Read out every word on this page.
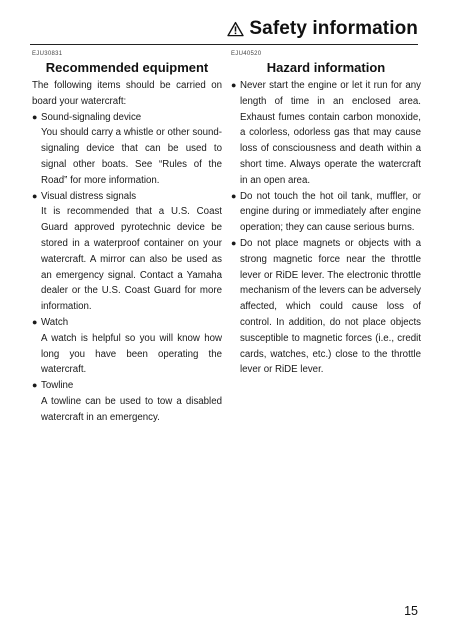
Safety information
EJU30831
Recommended equipment

The following items should be carried on board your watercraft:

● Sound-signaling device
You should carry a whistle or other sound-signaling device that can be used to signal other boats. See “Rules of the Road” for more information.
● Visual distress signals
It is recommended that a U.S. Coast Guard approved pyrotechnic device be stored in a waterproof container on your watercraft. A mirror can also be used as an emergency signal. Contact a Yamaha dealer or the U.S. Coast Guard for more information.
● Watch
A watch is helpful so you will know how long you have been operating the watercraft.
● Towline
A towline can be used to tow a disabled watercraft in an emergency.
EJU40520
Hazard information
● Never start the engine or let it run for any length of time in an enclosed area. Exhaust fumes contain carbon monoxide, a colorless, odorless gas that may cause loss of consciousness and death within a short time. Always operate the watercraft in an open area.
● Do not touch the hot oil tank, muffler, or engine during or immediately after engine operation; they can cause serious burns.
● Do not place magnets or objects with a strong magnetic force near the throttle lever or RiDE lever. The electronic throttle mechanism of the levers can be adversely affected, which could cause loss of control. In addition, do not place objects susceptible to magnetic forces (i.e., credit cards, watches, etc.) close to the throttle lever or RiDE lever.
15
